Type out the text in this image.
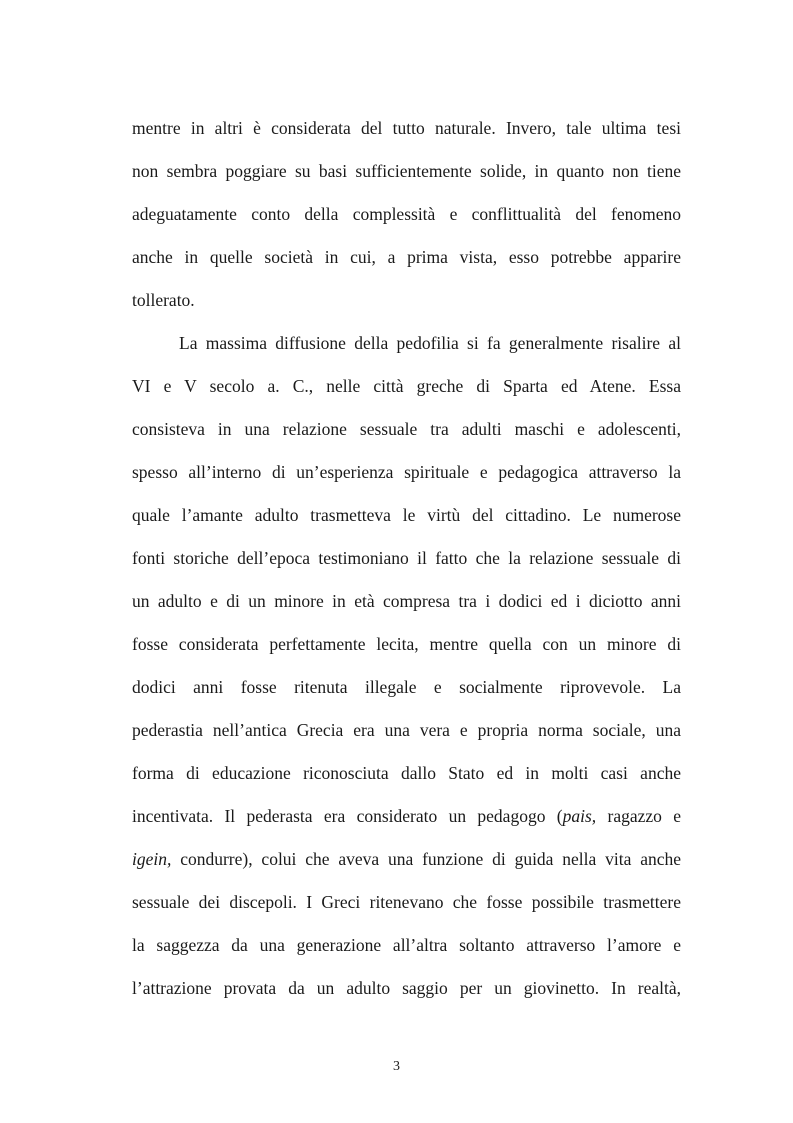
mentre in altri è considerata del tutto naturale. Invero, tale ultima tesi
non sembra poggiare su basi sufficientemente solide, in quanto non tiene
adeguatamente conto della complessità e conflittualità del fenomeno
anche in quelle società in cui, a prima vista, esso potrebbe apparire
tollerato.
La massima diffusione della pedofilia si fa generalmente risalire al
VI e V secolo a. C., nelle città greche di Sparta ed Atene. Essa
consisteva in una relazione sessuale tra adulti maschi e adolescenti,
spesso all’interno di un’esperienza spirituale e pedagogica attraverso la
quale l’amante adulto trasmetteva le virtù del cittadino. Le numerose
fonti storiche dell’epoca testimoniano il fatto che la relazione sessuale di
un adulto e di un minore in età compresa tra i dodici ed i diciotto anni
fosse considerata perfettamente lecita, mentre quella con un minore di
dodici anni fosse ritenuta illegale e socialmente riprovevole. La
pederastia nell’antica Grecia era una vera e propria norma sociale, una
forma di educazione riconosciuta dallo Stato ed in molti casi anche
incentivata. Il pederasta era considerato un pedagogo (pais, ragazzo e
igein, condurre), colui che aveva una funzione di guida nella vita anche
sessuale dei discepoli. I Greci ritenevano che fosse possibile trasmettere
la saggezza da una generazione all’altra soltanto attraverso l’amore e
l’attrazione provata da un adulto saggio per un giovinetto. In realtà,
3
